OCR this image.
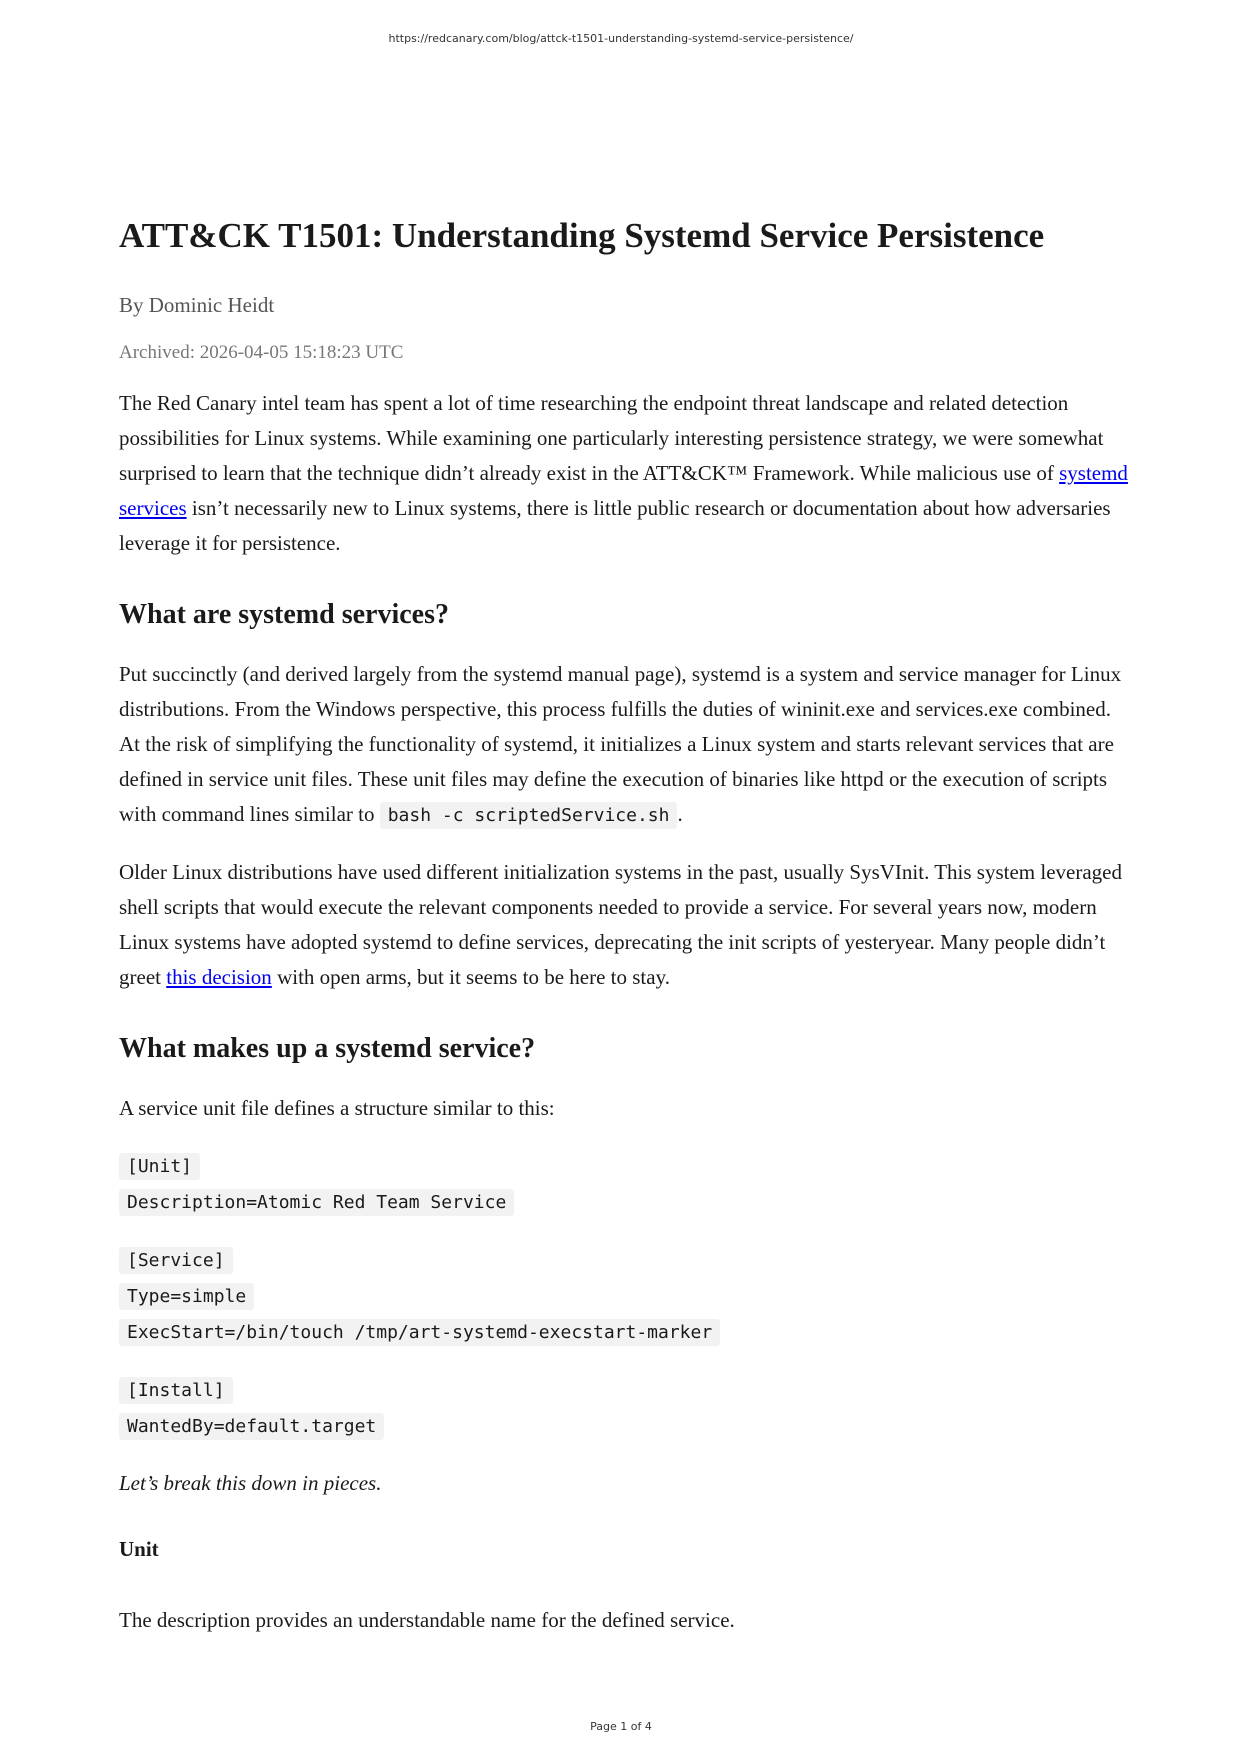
https://redcanary.com/blog/attck-t1501-understanding-systemd-service-persistence/
ATT&CK T1501: Understanding Systemd Service Persistence
By Dominic Heidt
Archived: 2026-04-05 15:18:23 UTC

The Red Canary intel team has spent a lot of time researching the endpoint threat landscape and related detection possibilities for Linux systems. While examining one particularly interesting persistence strategy, we were somewhat surprised to learn that the technique didn’t already exist in the ATT&CK™ Framework. While malicious use of systemd services isn’t necessarily new to Linux systems, there is little public research or documentation about how adversaries leverage it for persistence.

What are systemd services?

Put succinctly (and derived largely from the systemd manual page), systemd is a system and service manager for Linux distributions. From the Windows perspective, this process fulfills the duties of wininit.exe and services.exe combined. At the risk of simplifying the functionality of systemd, it initializes a Linux system and starts relevant services that are defined in service unit files. These unit files may define the execution of binaries like httpd or the execution of scripts with command lines similar to bash -c scriptedService.sh .

Older Linux distributions have used different initialization systems in the past, usually SysVInit. This system leveraged shell scripts that would execute the relevant components needed to provide a service. For several years now, modern Linux systems have adopted systemd to define services, deprecating the init scripts of yesteryear. Many people didn’t greet this decision with open arms, but it seems to be here to stay.

What makes up a systemd service?

A service unit file defines a structure similar to this:

[Unit]
Description=Atomic Red Team Service
[Service]
Type=simple
ExecStart=/bin/touch /tmp/art-systemd-execstart-marker
[Install]
WantedBy=default.target

Let’s break this down in pieces.

Unit

The description provides an understandable name for the defined service.

Page 1 of 4
